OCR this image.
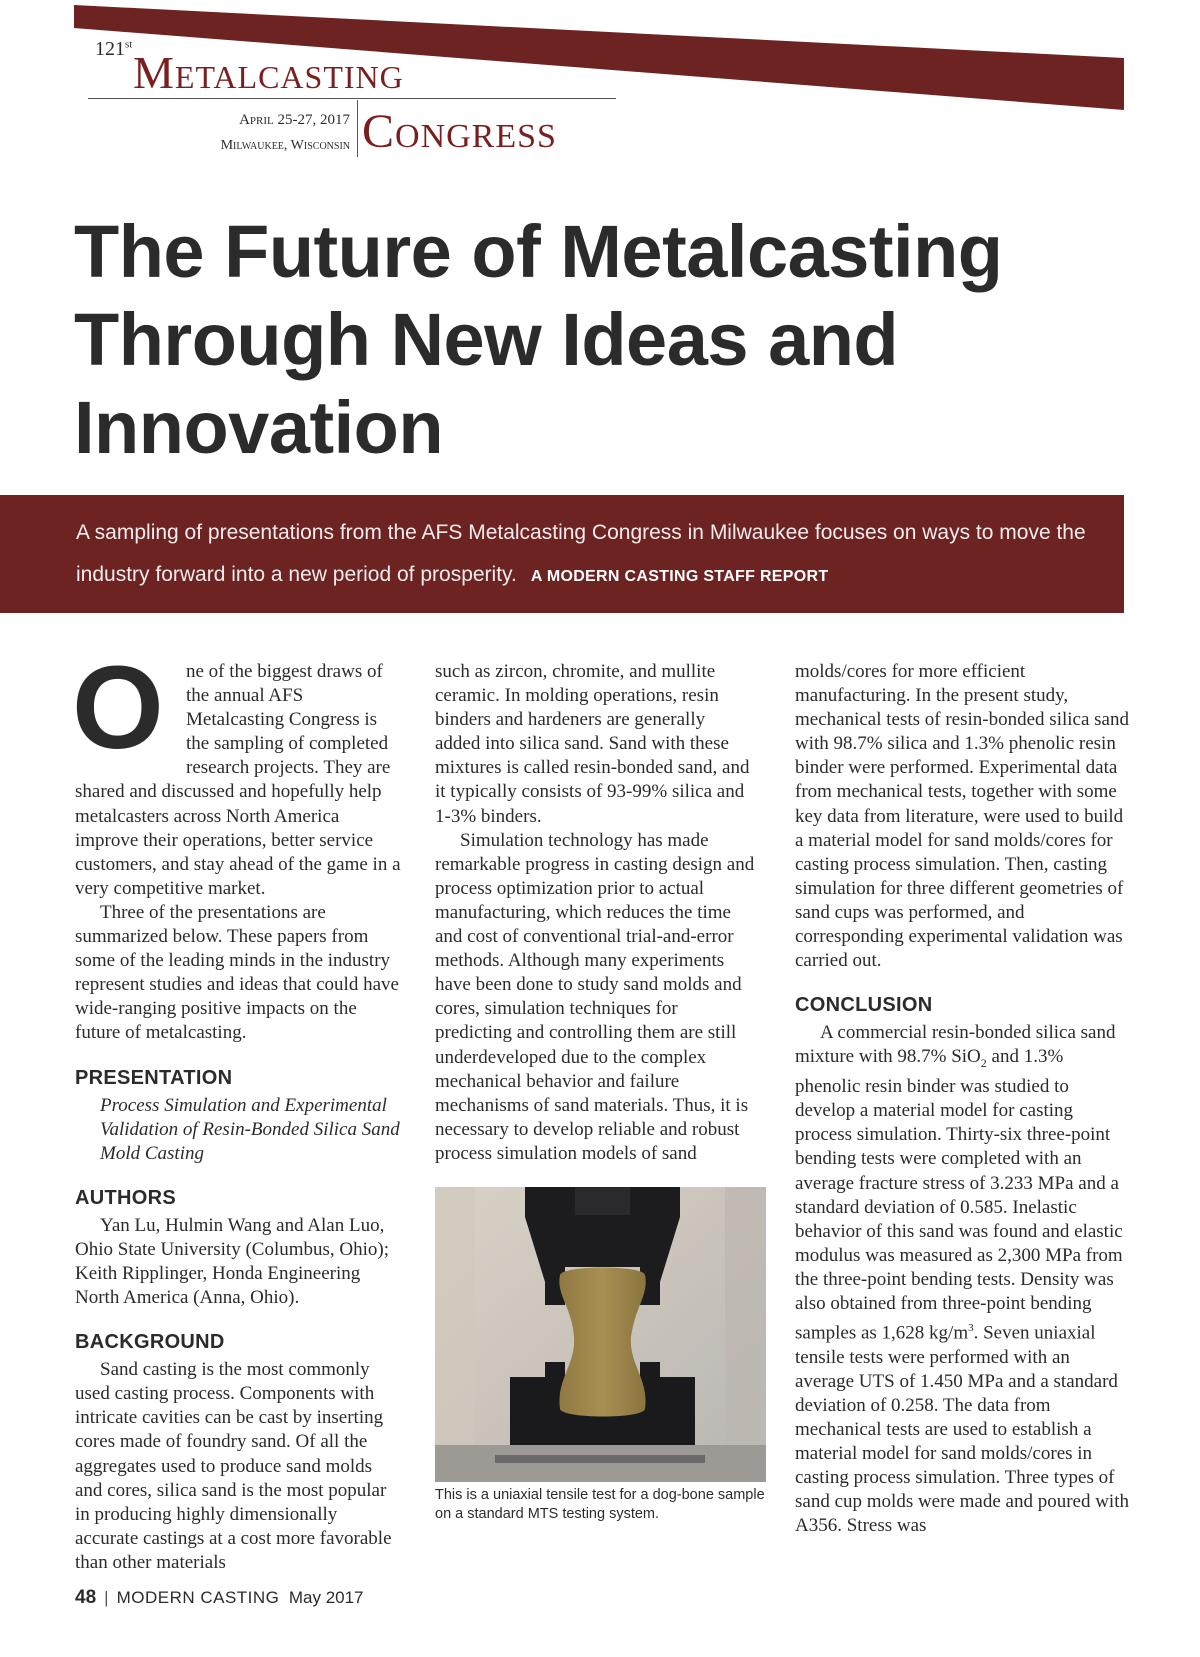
121st
Metalcasting
April 25-27, 2017
Milwaukee, Wisconsin Congress
The Future of Metalcasting Through New Ideas and Innovation
A sampling of presentations from the AFS Metalcasting Congress in Milwaukee focuses on ways to move the industry forward into a new period of prosperity. A MODERN CASTING STAFF REPORT

O	ne of the biggest draws of the annual AFS Metalcasting Congress is the sampling of completed research projects. They are shared and discussed and hopefully help metalcasters across North America improve their operations, better service customers, and stay ahead of the game in a very competitive market.

Three of the presentations are summarized below. These papers from some of the leading minds in the industry represent studies and ideas that could have wide-ranging positive impacts on the future of metalcasting.

PRESENTATION

Process Simulation and Experimental Validation of Resin-Bonded Silica Sand Mold Casting

AUTHORS

Yan Lu, Hulmin Wang and Alan Luo, Ohio State University (Columbus, Ohio); Keith Ripplinger, Honda Engineering North America (Anna, Ohio).

BACKGROUND

Sand casting is the most commonly used casting process. Components with intricate cavities can be cast by inserting cores made of foundry sand. Of all the aggregates used to produce sand molds and cores, silica sand is the most popular in producing highly dimensionally accurate castings at a cost more favorable than other materials

such as zircon, chromite, and mullite ceramic. In molding operations, resin binders and hardeners are generally added into silica sand. Sand with these mixtures is called resin-bonded sand, and it typically consists of 93-99% silica and 1-3% binders.

Simulation technology has made remarkable progress in casting design and process optimization prior to actual manufacturing, which reduces the time and cost of conventional trial-and-error methods. Although many experiments have been done to study sand molds and cores, simulation techniques for predicting and controlling them are still underdeveloped due to the complex mechanical behavior and failure mechanisms of sand materials. Thus, it is necessary to develop reliable and robust process simulation models of sand

This is a uniaxial tensile test for a dog-bone sample on a standard MTS testing system.

molds/cores for more efficient manufacturing. In the present study, mechanical tests of resin-bonded silica sand with 98.7% silica and 1.3% phenolic resin binder were performed. Experimental data from mechanical tests, together with some key data from literature, were used to build a material model for sand molds/cores for casting process simulation. Then, casting simulation for three different geometries of sand cups was performed, and corresponding experimental validation was carried out.

CONCLUSION

A commercial resin-bonded silica sand mixture with 98.7% SiO$_2$ and 1.3% phenolic resin binder was studied to develop a material model for casting process simulation. Thirty-six three-point bending tests were completed with an average fracture stress of 3.233 MPa and a standard deviation of 0.585. Inelastic behavior of this sand was found and elastic modulus was measured as 2,300 MPa from the three-point bending tests. Density was also obtained from three-point bending samples as 1,628 $kg/m^3$. Seven uniaxial tensile tests were performed with an average UTS of 1.450 MPa and a standard deviation of 0.258. The data from mechanical tests are used to establish a material model for sand molds/cores in casting process simulation. Three types of sand cup molds were made and poured with A356. Stress was

48 | MODERN CASTING May 2017
